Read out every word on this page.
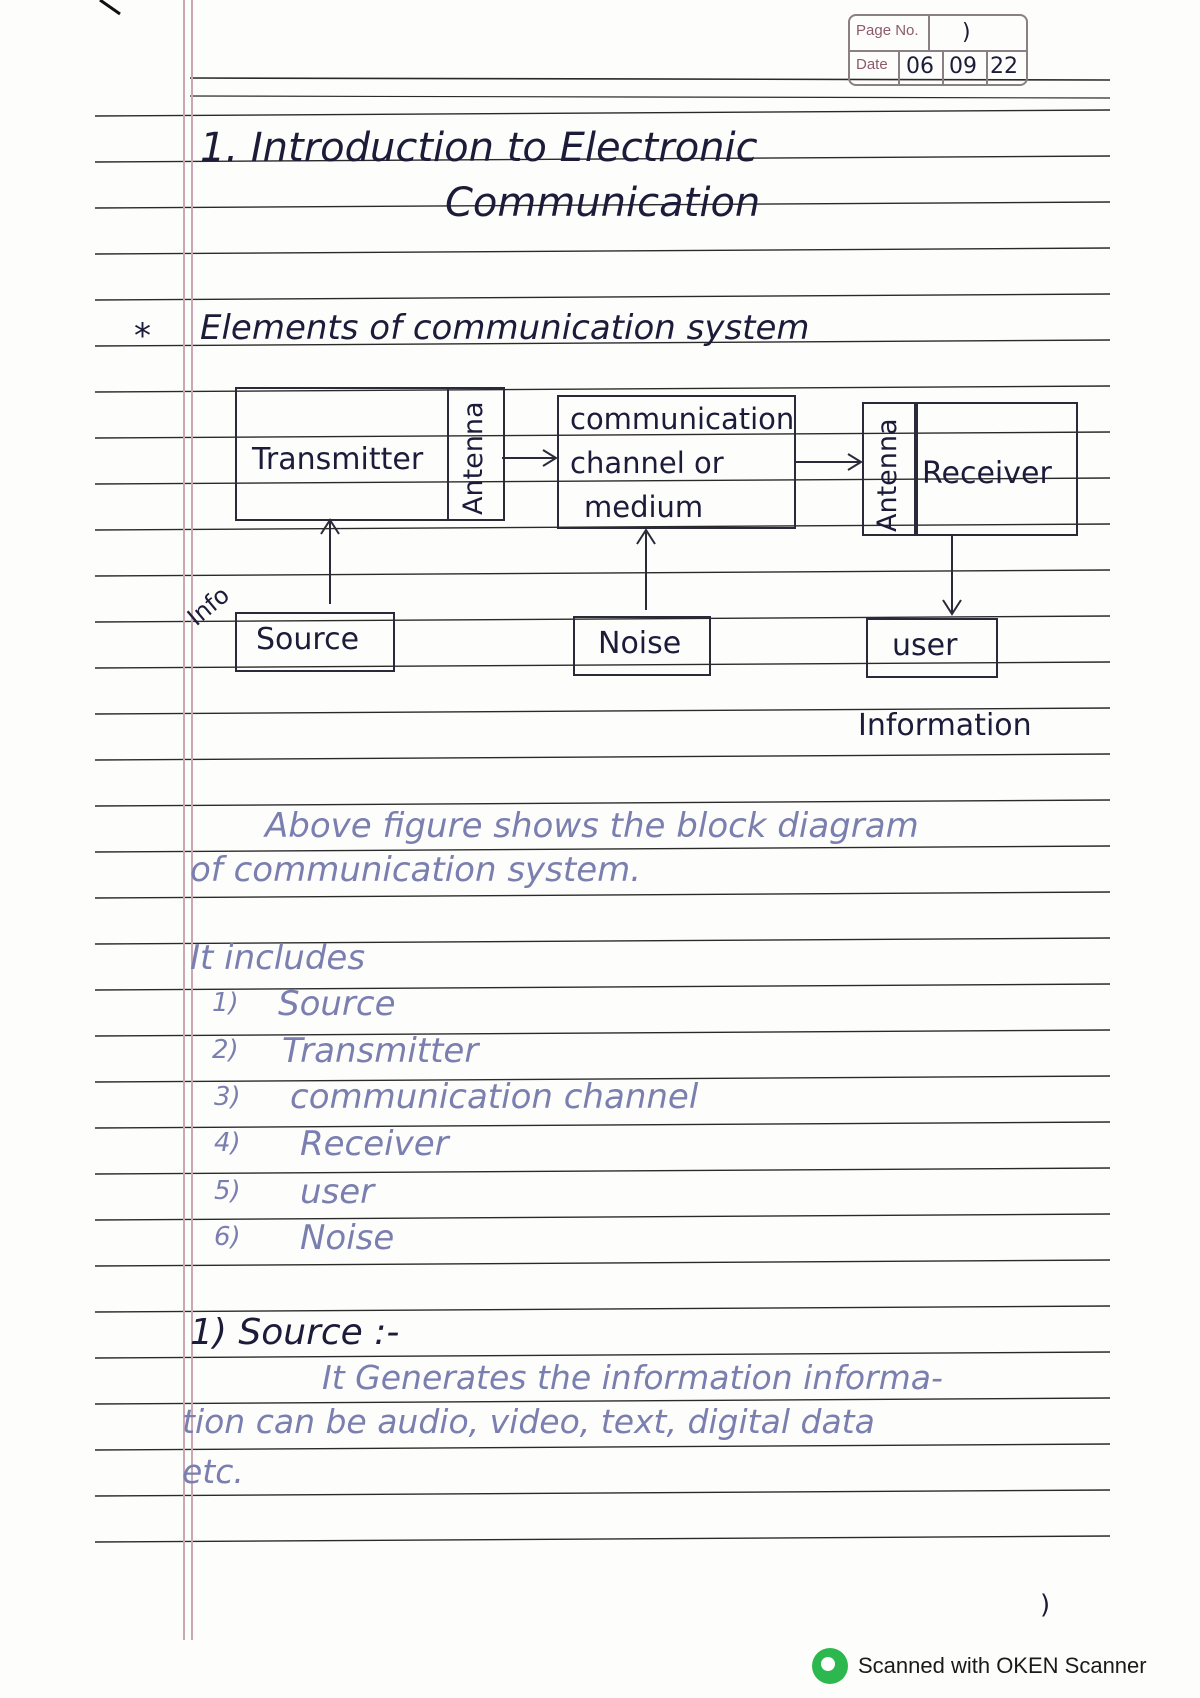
Page No. )
Date 06 09 22
1. Introduction to Electronic
Communication
* Elements of communication system
Transmitter Antenna	communication
channel or
medium	Antenna Receiver
Source	Noise	user
Info
Information
Above figure shows the block diagram
of communication system.
It includes
1) Source
2) Transmitter
3) communication channel
4) Receiver
5) user
6) Noise
1) Source :-
It Generates the information informa-
tion can be audio, video, text, digital data
etc.
)
Scanned with OKEN Scanner
